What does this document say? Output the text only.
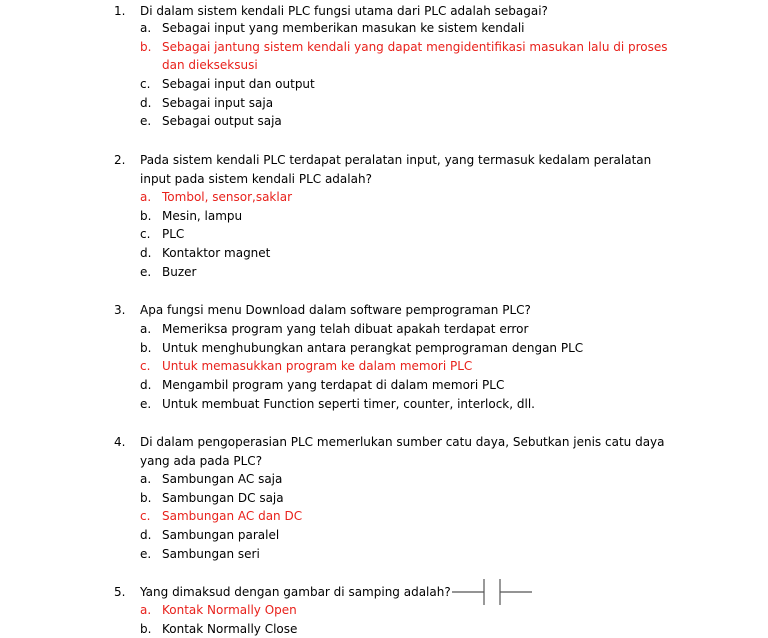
1. Di dalam sistem kendali PLC fungsi utama dari PLC adalah sebagai?
a. Sebagai input yang memberikan masukan ke sistem kendali
b. Sebagai jantung sistem kendali yang dapat mengidentifikasi masukan lalu di proses dan diekseksusi
c. Sebagai input dan output
d. Sebagai input saja
e. Sebagai output saja
2. Pada sistem kendali PLC terdapat peralatan input, yang termasuk kedalam peralatan input pada sistem kendali PLC adalah?
a. Tombol, sensor,saklar
b. Mesin, lampu
c. PLC
d. Kontaktor magnet
e. Buzer
3. Apa fungsi menu Download dalam software pemprograman PLC?
a. Memeriksa program yang telah dibuat apakah terdapat error
b. Untuk menghubungkan antara perangkat pemprograman dengan PLC
c. Untuk memasukkan program ke dalam memori PLC
d. Mengambil program yang terdapat di dalam memori PLC
e. Untuk membuat Function seperti timer, counter, interlock, dll.
4. Di dalam pengoperasian PLC memerlukan sumber catu daya, Sebutkan jenis catu daya yang ada pada PLC?
a. Sambungan AC saja
b. Sambungan DC saja
c. Sambungan AC dan DC
d. Sambungan paralel
e. Sambungan seri
5. Yang dimaksud dengan gambar di samping adalah?
a. Kontak Normally Open
b. Kontak Normally Close
